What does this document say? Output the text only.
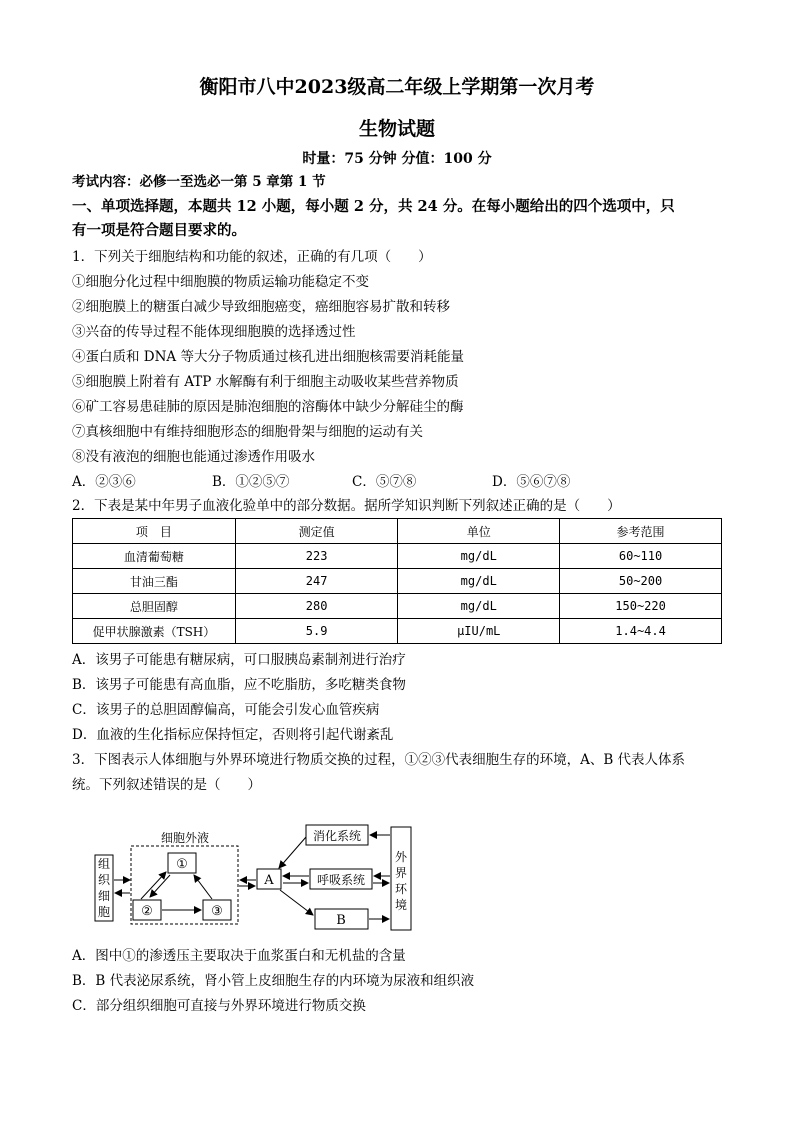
衡阳市八中2023级高二年级上学期第一次月考
生物试题
时量：75 分钟 分值：100 分
考试内容：必修一至选必一第 5 章第 1 节
一、单项选择题，本题共 12 小题，每小题 2 分，共 24 分。在每小题给出的四个选项中，只
有一项是符合题目要求的。
1．下列关于细胞结构和功能的叙述，正确的有几项（　　）
①细胞分化过程中细胞膜的物质运输功能稳定不变
②细胞膜上的糖蛋白减少导致细胞癌变，癌细胞容易扩散和转移
③兴奋的传导过程不能体现细胞膜的选择透过性
④蛋白质和 DNA 等大分子物质通过核孔进出细胞核需要消耗能量
⑤细胞膜上附着有 ATP 水解酶有利于细胞主动吸收某些营养物质
⑥矿工容易患硅肺的原因是肺泡细胞的溶酶体中缺少分解硅尘的酶
⑦真核细胞中有维持细胞形态的细胞骨架与细胞的运动有关
⑧没有液泡的细胞也能通过渗透作用吸水
A．②③⑥	B．①②⑤⑦	C．⑤⑦⑧	D．⑤⑥⑦⑧
2．下表是某中年男子血液化验单中的部分数据。据所学知识判断下列叙述正确的是（　　）
项　目	测定值	单位	参考范围
血清葡萄糖	223	mg/dL	60~110
甘油三酯	247	mg/dL	50~200
总胆固醇	280	mg/dL	150~220
促甲状腺激素（TSH）	5.9	μIU/mL	1.4~4.4
A．该男子可能患有糖尿病，可口服胰岛素制剂进行治疗
B．该男子可能患有高血脂，应不吃脂肪，多吃糖类食物
C．该男子的总胆固醇偏高，可能会引发心血管疾病
D．血液的生化指标应保持恒定，否则将引起代谢紊乱
3．下图表示人体细胞与外界环境进行物质交换的过程，①②③代表细胞生存的环境，A、B 代表人体系
统。下列叙述错误的是（　　）
细胞外液
组
织
细
胞
①
②	③
A
消化系统
呼吸系统
B
外
界
环
境
A．图中①的渗透压主要取决于血浆蛋白和无机盐的含量
B．B 代表泌尿系统，肾小管上皮细胞生存的内环境为尿液和组织液
C．部分组织细胞可直接与外界环境进行物质交换
